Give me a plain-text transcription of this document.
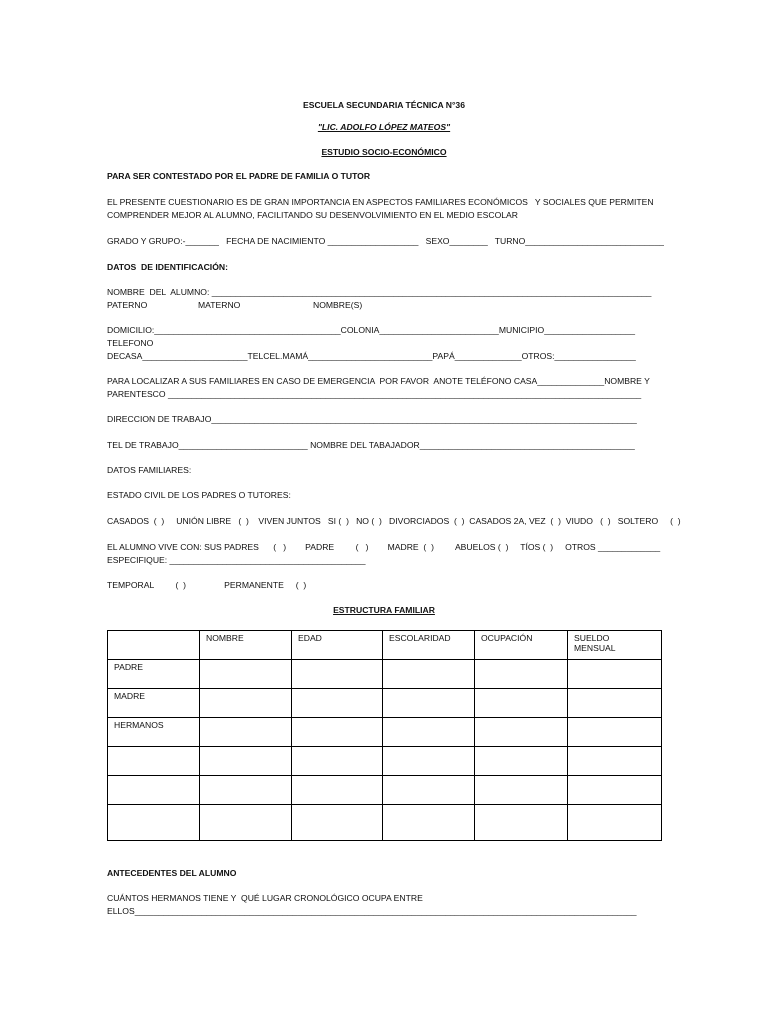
ESCUELA SECUNDARIA TÉCNICA N°36
"LIC. ADOLFO LÓPEZ MATEOS"
ESTUDIO SOCIO-ECONÓMICO
PARA SER CONTESTADO POR EL PADRE DE FAMILIA O TUTOR
EL PRESENTE CUESTIONARIO ES DE GRAN IMPORTANCIA EN ASPECTOS FAMILIARES ECONÓMICOS   Y SOCIALES QUE PERMITEN
COMPRENDER MEJOR AL ALUMNO, FACILITANDO SU DESENVOLVIMIENTO EN EL MEDIO ESCOLAR
GRADO Y GRUPO:-_______   FECHA DE NACIMIENTO ___________________   SEXO________   TURNO_____________________________
DATOS  DE IDENTIFICACIÓN:
NOMBRE  DEL  ALUMNO: ____________________________________________________________________________________________
PATERNO	MATERNO	NOMBRE(S)
DOMICILIO:_______________________________________COLONIA_________________________MUNICIPIO___________________
TELEFONO
DECASA______________________TELCEL.MAMÁ__________________________PAPÁ______________OTROS:_________________
PARA LOCALIZAR A SUS FAMILIARES EN CASO DE EMERGENCIA  POR FAVOR  ANOTE TELÉFONO CASA______________NOMBRE Y
PARENTESCO ___________________________________________________________________________________________________
DIRECCION DE TRABAJO_________________________________________________________________________________________
TEL DE TRABAJO___________________________ NOMBRE DEL TABAJADOR_____________________________________________
DATOS FAMILIARES:
ESTADO CIVIL DE LOS PADRES O TUTORES:
CASADOS  (  )     UNIÓN LIBRE   (  )    VIVEN JUNTOS   SI (  )   NO (  )   DIVORCIADOS  (  )  CASADOS 2A, VEZ  (  )  VIUDO   (  )   SOLTERO     (  )
EL ALUMNO VIVE CON: SUS PADRES      (   )        PADRE         (   )        MADRE  (  )         ABUELOS (  )     TÍOS (  )     OTROS _____________
ESPECIFIQUE: _________________________________________
TEMPORAL         (  )                PERMANENTE     (  )
ESTRUCTURA FAMILIAR
	NOMBRE	EDAD	ESCOLARIDAD	OCUPACIÓN	SUELDO
MENSUAL
PADRE					
MADRE					
HERMANOS					

ANTECEDENTES DEL ALUMNO
CUÁNTOS HERMANOS TIENE Y  QUÉ LUGAR CRONOLÓGICO OCUPA ENTRE
ELLOS_________________________________________________________________________________________________________
